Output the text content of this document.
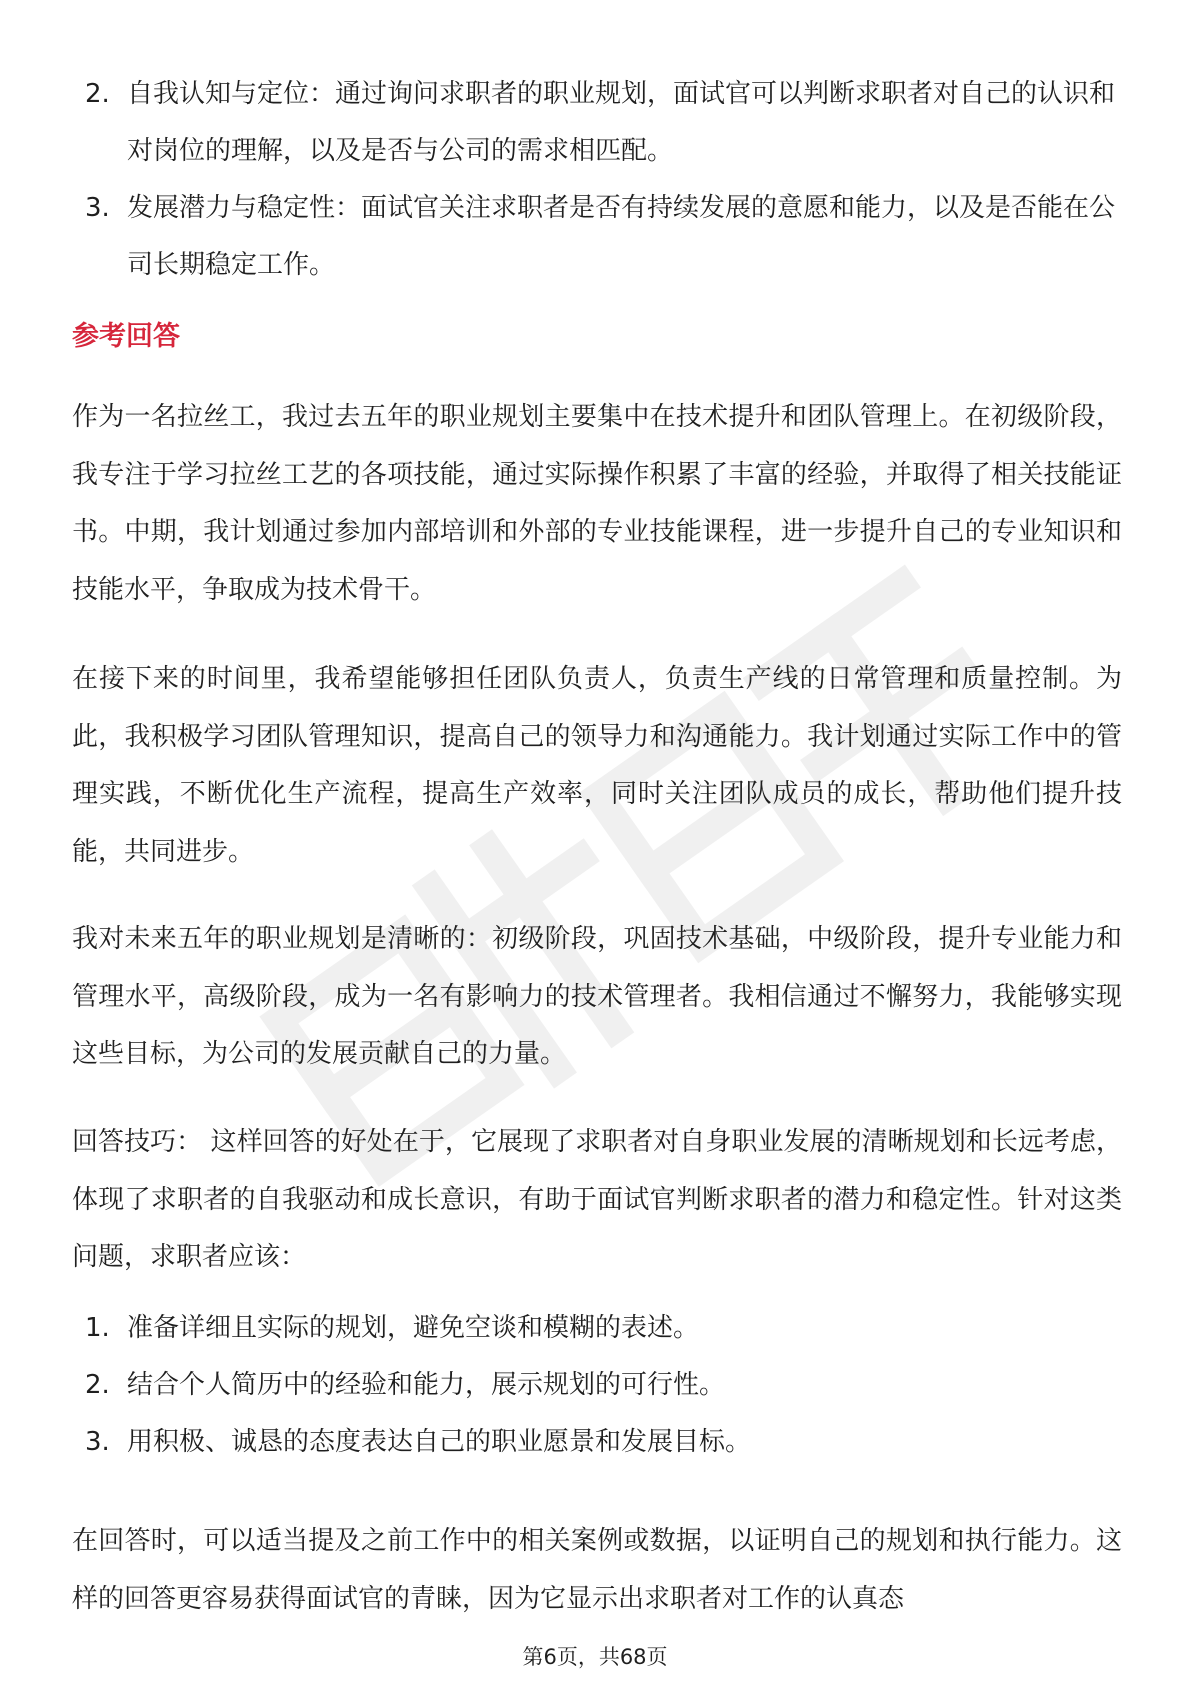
2. 自我认知与定位：通过询问求职者的职业规划，面试官可以判断求职者对自己的认识和对岗位的理解，以及是否与公司的需求相匹配。
3. 发展潜力与稳定性：面试官关注求职者是否有持续发展的意愿和能力，以及是否能在公司长期稳定工作。
参考回答

作为一名拉丝工，我过去五年的职业规划主要集中在技术提升和团队管理上。在初级阶段，我专注于学习拉丝工艺的各项技能，通过实际操作积累了丰富的经验，并取得了相关技能证书。中期，我计划通过参加内部培训和外部的专业技能课程，进一步提升自己的专业知识和技能水平，争取成为技术骨干。

在接下来的时间里，我希望能够担任团队负责人，负责生产线的日常管理和质量控制。为此，我积极学习团队管理知识，提高自己的领导力和沟通能力。我计划通过实际工作中的管理实践，不断优化生产流程，提高生产效率，同时关注团队成员的成长，帮助他们提升技能，共同进步。

我对未来五年的职业规划是清晰的：初级阶段，巩固技术基础，中级阶段，提升专业能力和管理水平，高级阶段，成为一名有影响力的技术管理者。我相信通过不懈努力，我能够实现这些目标，为公司的发展贡献自己的力量。

回答技巧： 这样回答的好处在于，它展现了求职者对自身职业发展的清晰规划和长远考虑，体现了求职者的自我驱动和成长意识，有助于面试官判断求职者的潜力和稳定性。针对这类问题，求职者应该：

1. 准备详细且实际的规划，避免空谈和模糊的表述。
2. 结合个人简历中的经验和能力，展示规划的可行性。
3. 用积极、诚恳的态度表达自己的职业愿景和发展目标。

在回答时，可以适当提及之前工作中的相关案例或数据，以证明自己的规划和执行能力。这样的回答更容易获得面试官的青睐，因为它显示出求职者对工作的认真态

第6页，共68页
